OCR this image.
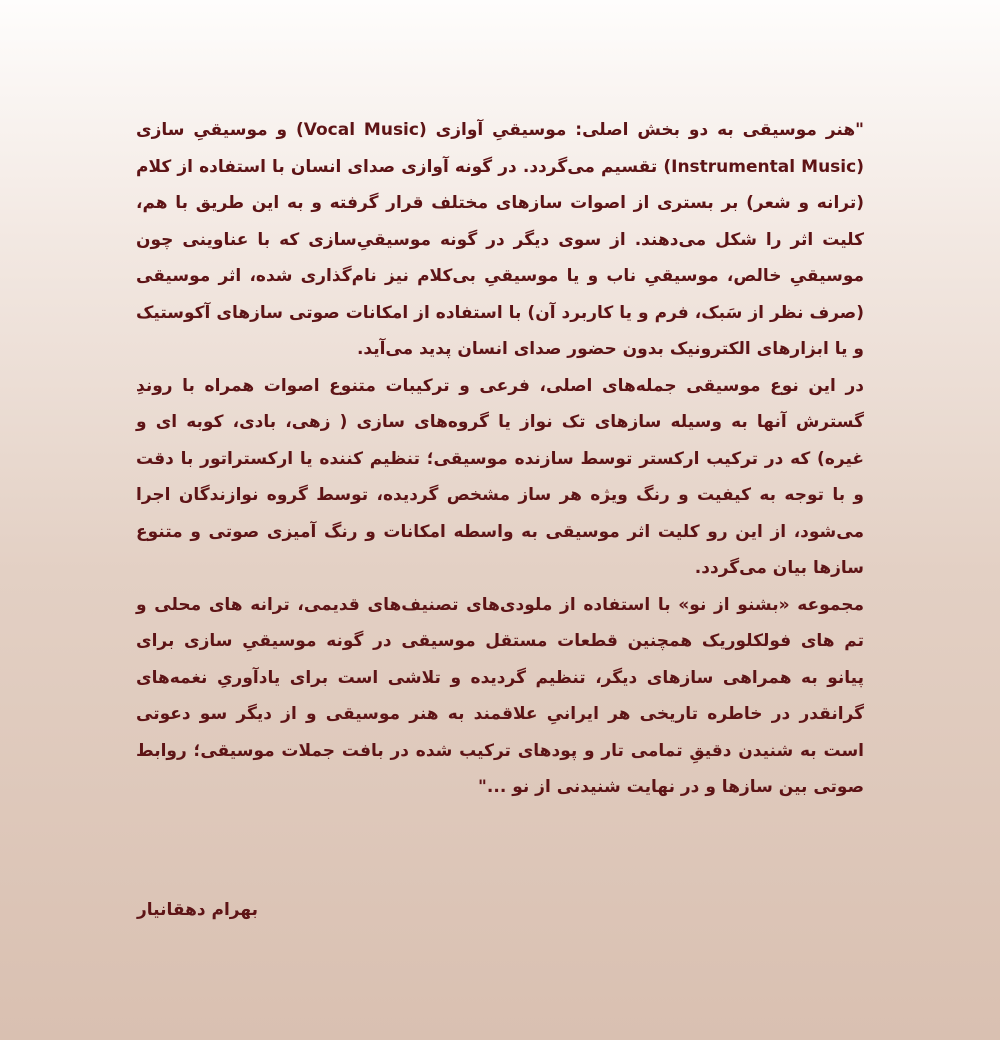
"هنر موسیقی به دو بخش اصلی: موسیقیِ آوازی (Vocal Music) و موسیقیِ سازی (Instrumental Music) تقسیم می‌گردد. در گونه آوازی صدای انسان با استفاده از کلام (ترانه و شعر) بر بستری از اصوات سازهای مختلف قرار گرفته و به این طریق با هم، کلیت اثر را شکل می‌دهند. از سوی دیگر در گونه موسیقیِ‌سازی که با عناوینی چون موسیقیِ خالص، موسیقیِ ناب و یا موسیقیِ بی‌کلام نیز نام‌گذاری شده، اثر موسیقی (صرف نظر از سَبک، فرم و یا کاربرد آن) با استفاده از امکانات صوتی سازهای آکوستیک و یا ابزارهای الکترونیک بدون حضور صدای انسان پدید می‌آید.

در این نوع موسیقی جمله‌های اصلی، فرعی و ترکیبات متنوع اصوات همراه با روندِ گسترش آنها به وسیله سازهای تک نواز یا گروه‌های سازی ( زهی، بادی، کوبه ای و غیره) که در ترکیب ارکستر توسط سازنده موسیقی؛ تنظیم کننده یا ارکستراتور با دقت و با توجه به کیفیت و رنگ ویژه هر ساز مشخص گردیده، توسط گروه نوازندگان اجرا می‌شود، از این رو کلیت اثر موسیقی به واسطه امکانات و رنگ آمیزی صوتی و متنوع سازها بیان می‌گردد.

مجموعه «بشنو از نو» با استفاده از ملودی‌های تصنیف‌های قدیمی، ترانه های محلی و تم های فولکلوریک همچنین قطعات مستقل موسیقی در گونه موسیقیِ سازی برای پیانو به همراهی سازهای دیگر، تنظیم گردیده و تلاشی است برای یادآوریِ نغمه‌های گرانقدر در خاطره تاریخی هر ایرانیِ علاقمند به هنر موسیقی و از دیگر سو دعوتی است به شنیدن دقیقِ تمامی تار و پودهای ترکیب شده در بافت جملات موسیقی؛ روابط صوتی بین سازها و در نهایت شنیدنی از نو ..."

بهرام دهقانیار
